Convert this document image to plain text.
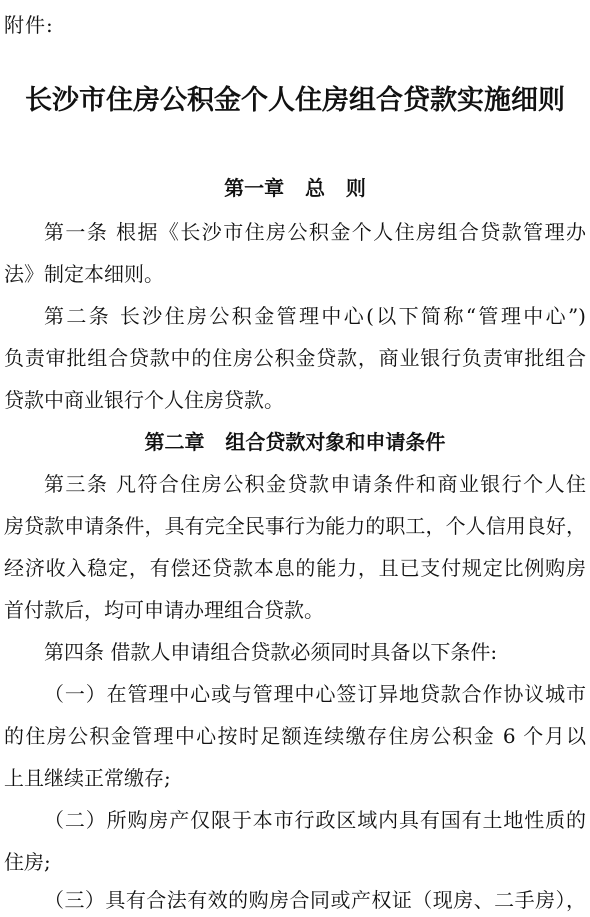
附件:
长沙市住房公积金个人住房组合贷款实施细则
第一章   总   则
第一条 根据《长沙市住房公积金个人住房组合贷款管理办
法》制定本细则。
第二条 长沙住房公积金管理中心(以下简称“管理中心”)
负责审批组合贷款中的住房公积金贷款，商业银行负责审批组合
贷款中商业银行个人住房贷款。
第二章   组合贷款对象和申请条件
第三条 凡符合住房公积金贷款申请条件和商业银行个人住
房贷款申请条件，具有完全民事行为能力的职工，个人信用良好，
经济收入稳定，有偿还贷款本息的能力，且已支付规定比例购房
首付款后，均可申请办理组合贷款。
第四条 借款人申请组合贷款必须同时具备以下条件:
（一）在管理中心或与管理中心签订异地贷款合作协议城市
的住房公积金管理中心按时足额连续缴存住房公积金 6 个月以
上且继续正常缴存;
（二）所购房产仅限于本市行政区域内具有国有土地性质的
住房;
（三）具有合法有效的购房合同或产权证（现房、二手房），
